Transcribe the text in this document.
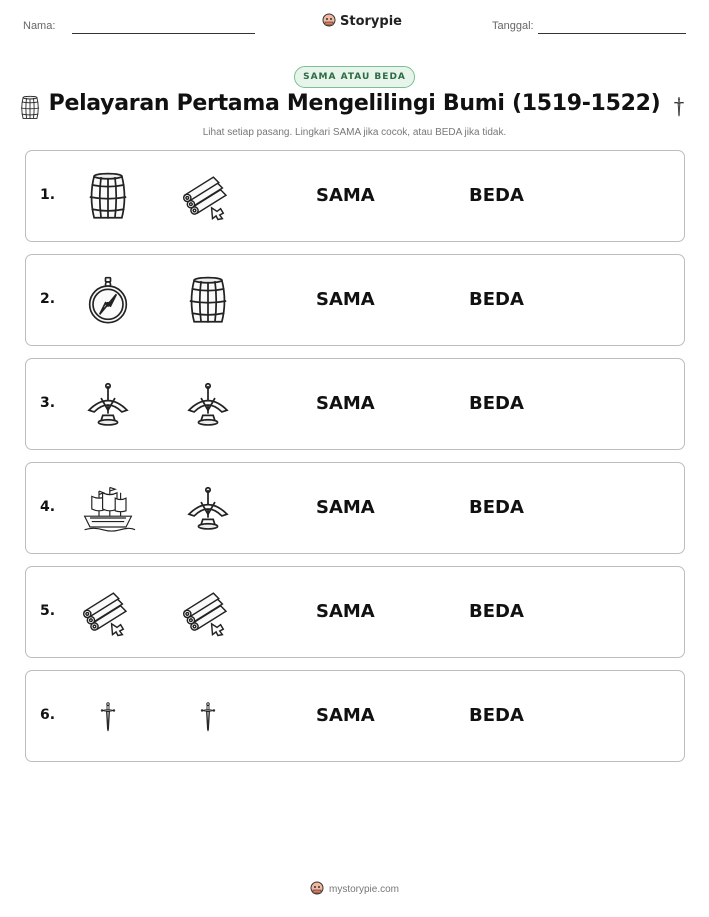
Nama:	Storypie	Tanggal:
SAMA ATAU BEDA
Pelayaran Pertama Mengelilingi Bumi (1519-1522)
Lihat setiap pasang. Lingkari SAMA jika cocok, atau BEDA jika tidak.
1.	SAMA	BEDA
2.	SAMA	BEDA
3.	SAMA	BEDA
4.	SAMA	BEDA
5.	SAMA	BEDA
6.	SAMA	BEDA
mystorypie.com
